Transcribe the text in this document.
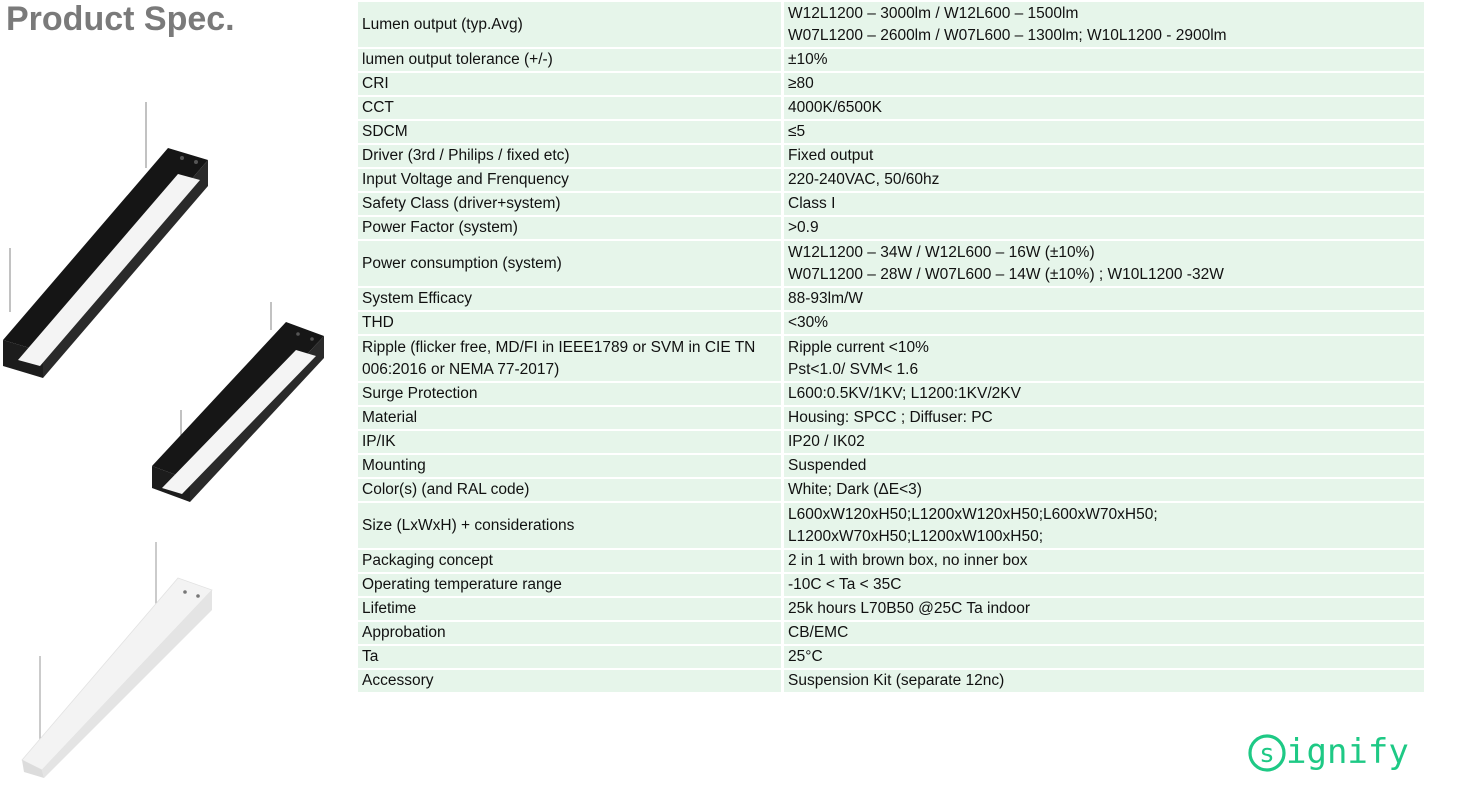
Product Spec.	Lumen output (typ.Avg)	W12L1200 – 3000lm / W12L600 – 1500lm
W07L1200 – 2600lm / W07L600 – 1300lm; W10L1200 - 2900lm

lumen output tolerance (+/-)	±10%

CRI	≥80

CCT	4000K/6500K

SDCM	≤5

Driver (3rd / Philips / fixed etc)	Fixed output

Input Voltage and Frenquency	220-240VAC, 50/60hz

Safety Class (driver+system)	Class I

Power Factor (system)	>0.9

Power consumption (system)	W12L1200 – 34W / W12L600 – 16W (±10%)
W07L1200 – 28W / W07L600 – 14W (±10%) ; W10L1200 -32W

System Efficacy	88-93lm/W

THD	<30%

Ripple (flicker free, MD/FI in IEEE1789 or SVM in CIE TN 006:2016 or NEMA 77-2017)	Ripple current <10%
Pst<1.0/ SVM< 1.6

Surge Protection	L600:0.5KV/1KV; L1200:1KV/2KV

Material	Housing: SPCC ; Diffuser: PC

IP/IK	IP20 / IK02

Mounting	Suspended

Color(s) (and RAL code)	White; Dark (ΔE<3)

Size (LxWxH) + considerations	L600xW120xH50;L1200xW120xH50;L600xW70xH50;
L1200xW70xH50;L1200xW100xH50;

Packaging concept	2 in 1 with brown box, no inner box

Operating temperature range	-10C < Ta < 35C

Lifetime	25k hours L70B50 @25C Ta indoor

Approbation	CB/EMC

Ta	25°C

Accessory	Suspension Kit (separate 12nc)
s ignify
